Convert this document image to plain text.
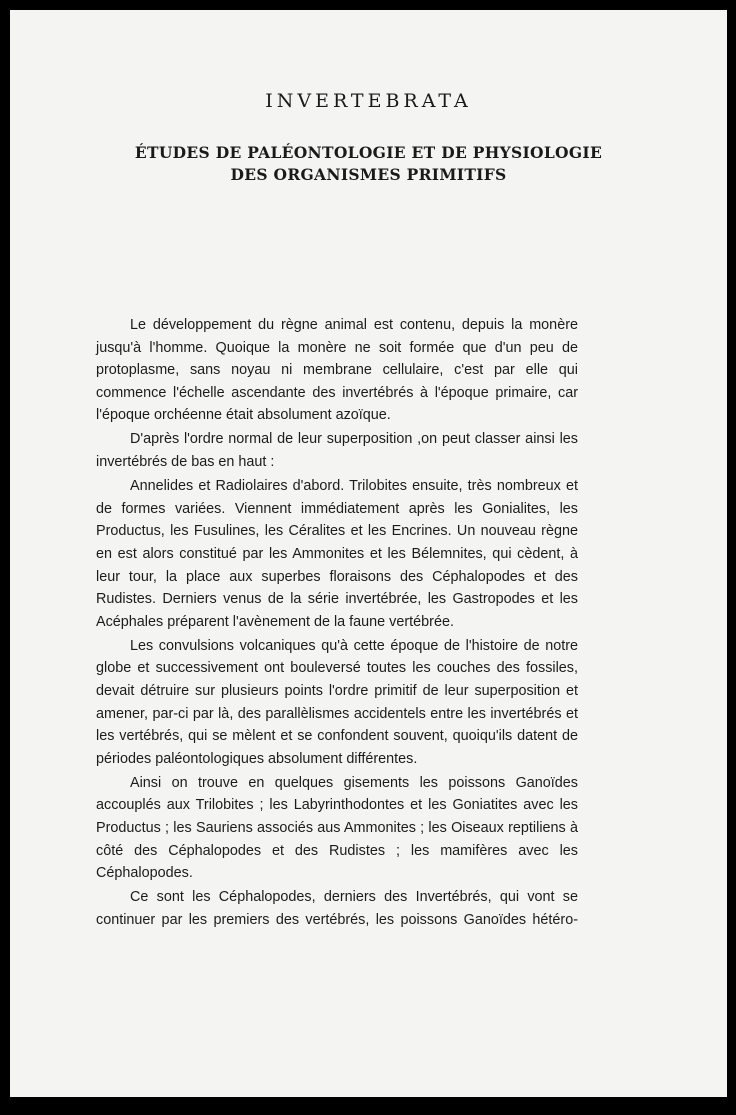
INVERTEBRATA
ÉTUDES DE PALÉONTOLOGIE ET DE PHYSIOLOGIE
DES ORGANISMES PRIMITIFS

Le développement du règne animal est contenu, depuis la monère jusqu'à l'homme. Quoique la monère ne soit formée que d'un peu de protoplasme, sans noyau ni membrane cellulaire, c'est par elle qui commence l'échelle ascendante des invertébrés à l'époque primaire, car l'époque orchéenne était absolument azoïque.

D'après l'ordre normal de leur superposition ,on peut classer ainsi les invertébrés de bas en haut :

Annelides et Radiolaires d'abord. Trilobites ensuite, très nombreux et de formes variées. Viennent immédiatement après les Gonialites, les Productus, les Fusulines, les Céralites et les Encrines. Un nouveau règne en est alors constitué par les Ammonites et les Bélemnites, qui cèdent, à leur tour, la place aux superbes floraisons des Céphalopodes et des Rudistes. Derniers venus de la série invertébrée, les Gastropodes et les Acéphales préparent l'avènement de la faune vertébrée.

Les convulsions volcaniques qu'à cette époque de l'histoire de notre globe et successivement ont bouleversé toutes les couches des fossiles, devait détruire sur plusieurs points l'ordre primitif de leur superposition et amener, par-ci par là, des parallèlismes accidentels entre les invertébrés et les vertébrés, qui se mèlent et se confondent souvent, quoiqu'ils datent de périodes paléontologiques absolument différentes.

Ainsi on trouve en quelques gisements les poissons Ganoïdes accouplés aux Trilobites ; les Labyrinthodontes et les Goniatites avec les Productus ; les Sauriens associés aus Ammonites ; les Oiseaux reptiliens à côté des Céphalopodes et des Rudistes ; les mamifères avec les Céphalopodes.

Ce sont les Céphalopodes, derniers des Invertébrés, qui vont se continuer par les premiers des vertébrés, les poissons Ganoïdes hétéro-
